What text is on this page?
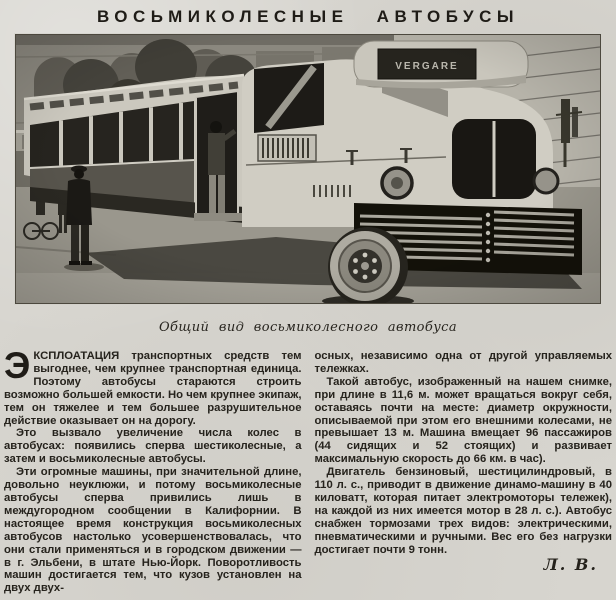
ВОСЬМИКОЛЕСНЫЕ АВТОБУСЫ
Общий вид восьмиколесного автобуса

ЭКСПЛОАТАЦИЯ транспортных средств тем выгоднее, чем крупнее транспортная единица. Поэтому автобусы стараются строить возможно большей емкости. Но чем крупнее экипаж, тем он тяжелее и тем большее разрушительное действие оказывает он на дорогу.

Это вызвало увеличение числа колес в автобусах: появились сперва шестиколесные, а затем и восьмиколесные автобусы.

Эти огромные машины, при значительной длине, довольно неуклюжи, и потому восьмиколесные автобусы сперва привились лишь в междугородном сообщении в Калифорнии. В настоящее время конструкция восьмиколесных автобусов настолько усовершенствовалась, что они стали применяться и в городском движении — в г. Эльбени, в штате Нью-Йорк. Поворотливость машин достигается тем, что кузов установлен на двух двух-

осных, независимо одна от другой управляемых тележках.

Такой автобус, изображенный на нашем снимке, при длине в 11,6 м. может вращаться вокруг себя, оставаясь почти на месте: диаметр окружности, описываемой при этом его внешними колесами, не превышает 13 м. Машина вмещает 96 пассажиров (44 сидящих и 52 стоящих) и развивает максимальную скорость до 66 км. в час).

Двигатель бензиновый, шестицилиндровый, в 110 л. с., приводит в движение динамо-машину в 40 киловатт, которая питает электромоторы тележек), на каждой из них имеется мотор в 28 л. с.). Автобус снабжен тормозами трех видов: электрическими, пневматическими и ручными. Вес его без нагрузки достигает почти 9 тонн.

Л. В.
